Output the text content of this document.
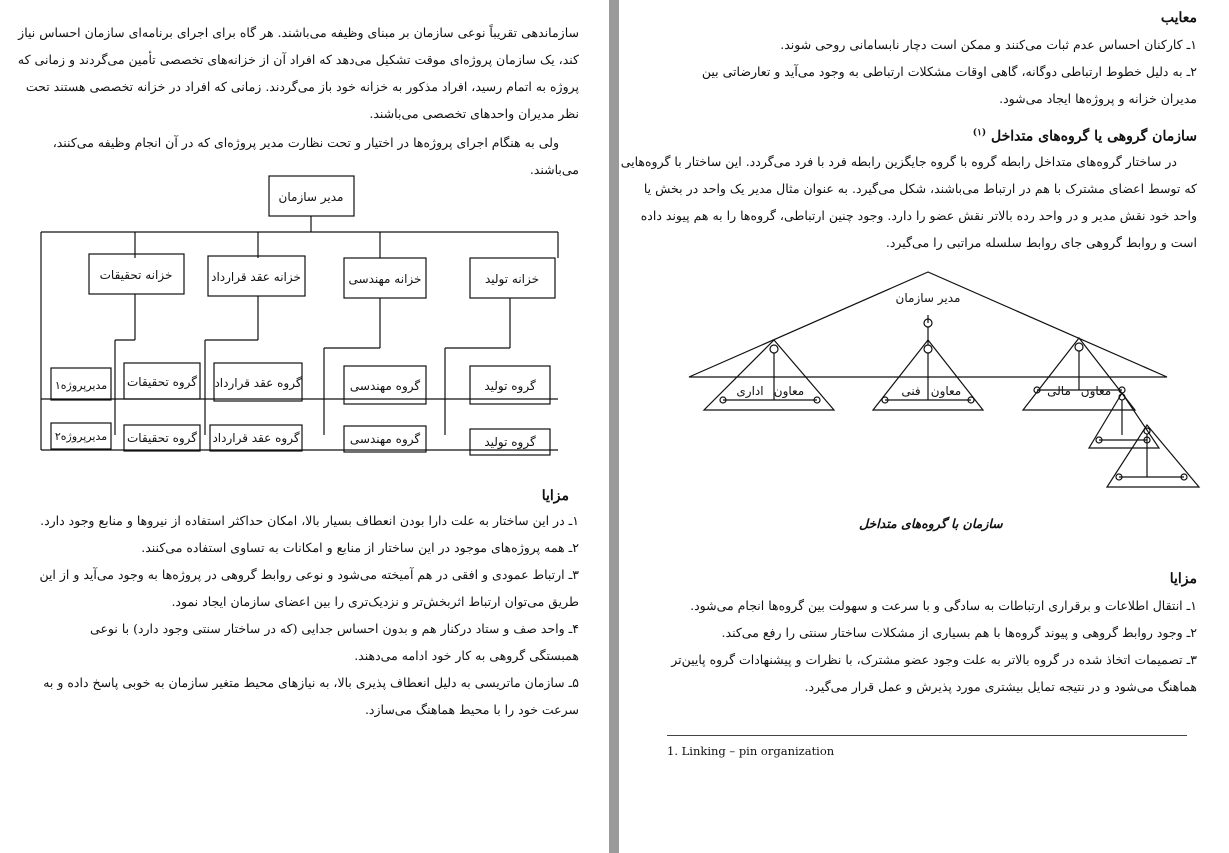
سازماندهی تقریباً نوعی سازمان بر مبنای وظیفه می‌باشند. هر گاه برای اجرای برنامه‌ای سازمان احساس نیاز
کند، یک سازمان پروژه‌ای موقت تشکیل می‌دهد که افراد آن از خزانه‌های تخصصی تأمین می‌گردند و زمانی که
پروژه به اتمام رسید، افراد مذکور به خزانه خود باز می‌گردند. زمانی که افراد در خزانه تخصصی هستند تحت
نظر مدیران واحدهای تخصصی می‌باشند.
ولی به هنگام اجرای پروژه‌ها در اختیار و تحت نظارت مدیر پروژه‌ای که در آن انجام وظیفه می‌کنند،
می‌باشند.
مدیر سازمان
خزانه تولید
خزانه مهندسی
خزانه عقد قرارداد
خزانه تحقیقات
گروه تولید
گروه مهندسی
گروه عقد قرارداد
گروه تحقیقات
مدیرپروژه۱
گروه تولید
گروه مهندسی
گروه عقد قرارداد
گروه تحقیقات
مدیرپروژه۲
مزایا
۱ـ در این ساختار به علت دارا بودن انعطاف بسیار بالا، امکان حداکثر استفاده از نیروها و منابع وجود دارد.
۲ـ همه پروژه‌های موجود در این ساختار از منابع و امکانات به تساوی استفاده می‌کنند.
۳ـ ارتباط عمودی و افقی در هم آمیخته می‌شود و نوعی روابط گروهی در پروژه‌ها به وجود می‌آید و از این
طریق می‌توان ارتباط اثربخش‌تر و نزدیک‌تری را بین اعضای سازمان ایجاد نمود.
۴ـ واحد صف و ستاد درکنار هم و بدون احساس جدایی (که در ساختار سنتی وجود دارد) با نوعی
همبستگی گروهی به کار خود ادامه می‌دهند.
۵ـ سازمان ماتریسی به دلیل انعطاف پذیری بالا، به نیازهای محیط متغیر سازمان به خوبی پاسخ داده و به
سرعت خود را با محیط هماهنگ می‌سازد.
معایب
۱ـ کارکنان احساس عدم ثبات می‌کنند و ممکن است دچار نابسامانی روحی شوند.
۲ـ به دلیل خطوط ارتباطی دوگانه، گاهی اوقات مشکلات ارتباطی به وجود می‌آید و تعارضاتی بین
مدیران خزانه و پروژه‌ها ایجاد می‌شود.
سازمان گروهی یا گروه‌های متداخل $^{(۱)}$
در ساختار گروه‌های متداخل رابطه گروه با گروه جایگزین رابطه فرد با فرد می‌گردد. این ساختار با گروه‌هایی
که توسط اعضای مشترک با هم در ارتباط می‌باشند، شکل می‌گیرد. به عنوان مثال مدیر یک واحد در بخش یا
واحد خود نقش مدیر و در واحد رده بالاتر نقش عضو را دارد. وجود چنین ارتباطی، گروه‌ها را به هم پیوند داده
است و روابط گروهی جای روابط سلسله مراتبی را می‌گیرد.
مدیر سازمان
معاون
مالی
معاون
فنی
معاون
اداری
سازمان با گروه‌های متداخل
مزایا
۱ـ انتقال اطلاعات و برقراری ارتباطات به سادگی و با سرعت و سهولت بین گروه‌ها انجام می‌شود.
۲ـ وجود روابط گروهی و پیوند گروه‌ها با هم بسیاری از مشکلات ساختار سنتی را رفع می‌کند.
۳ـ تصمیمات اتخاذ شده در گروه بالاتر به علت وجود عضو مشترک، با نظرات و پیشنهادات گروه پایین‌تر
هماهنگ می‌شود و در نتیجه تمایل بیشتری مورد پذیرش و عمل قرار می‌گیرد.
1. Linking – pin organization
